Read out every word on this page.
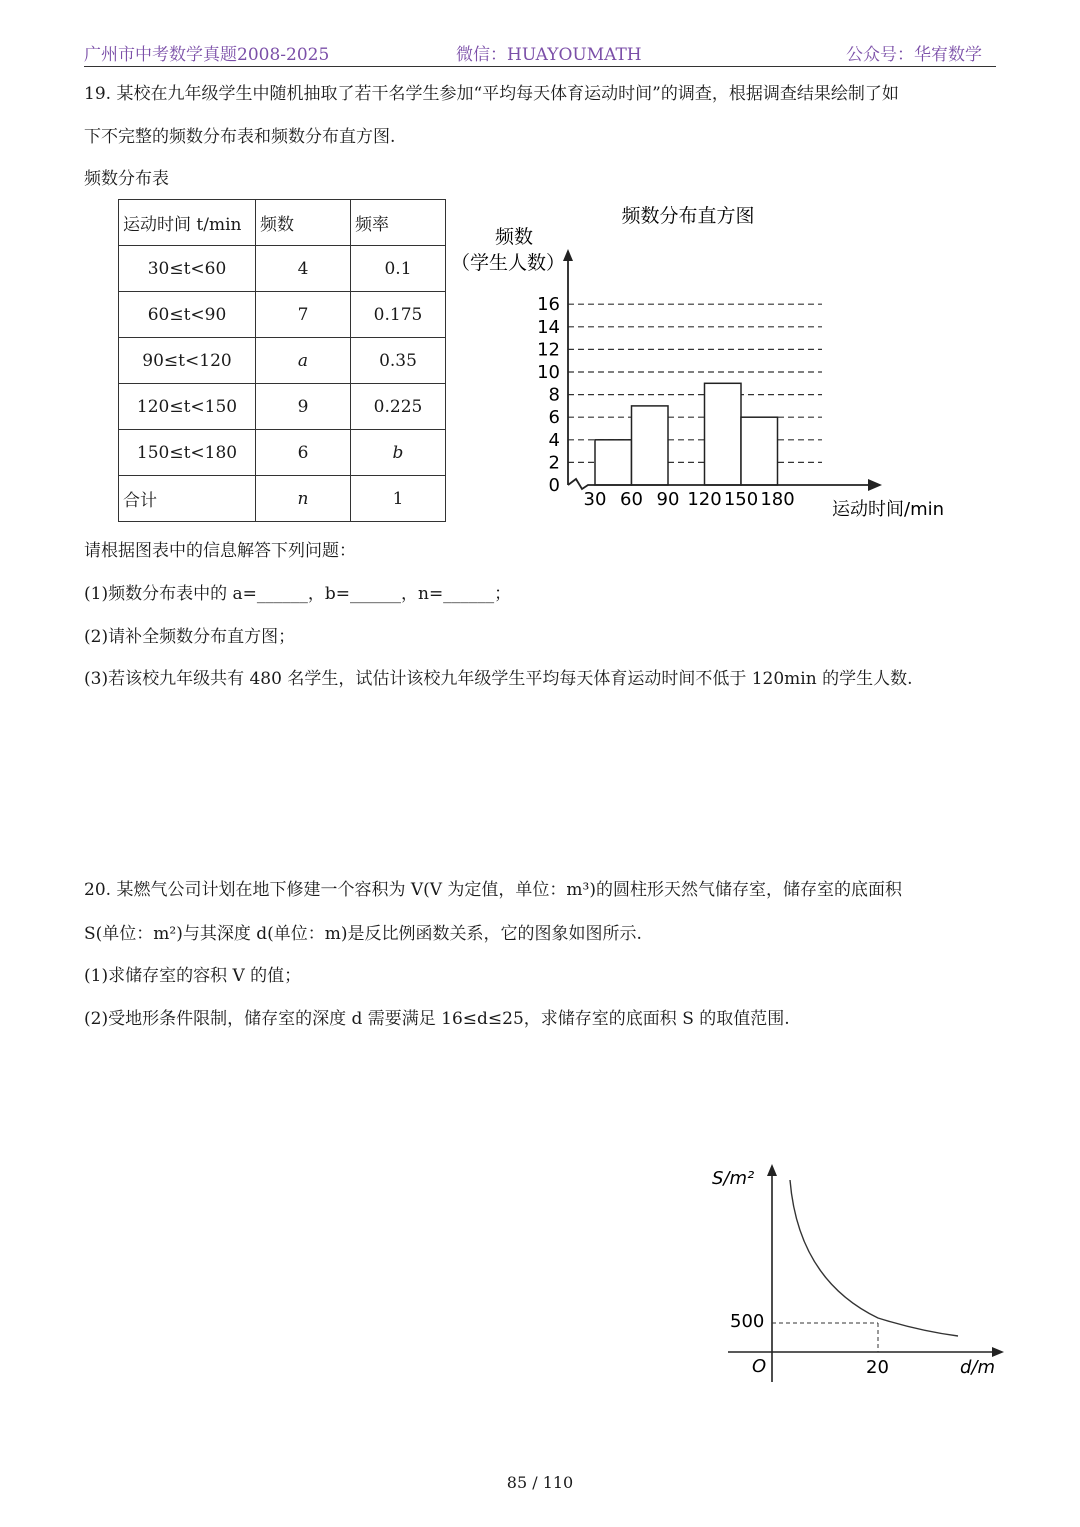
广州市中考数学真题2008-2025	微信：HUAYOUMATH	公众号：华宥数学
19. 某校在九年级学生中随机抽取了若干名学生参加“平均每天体育运动时间”的调查，根据调查结果绘制了如
下不完整的频数分布表和频数分布直方图.
频数分布表
运动时间 t/min	频数	频率
30≤t<60	4	0.1
60≤t<90	7	0.175
90≤t<120	a	0.35
120≤t<150	9	0.225
150≤t<180	6	b
合计	n	1
频数分布直方图
频数
（学生人数）
运动时间/min
0
2
4
6
8
10
12
14
16
30 60 90 120 150 180
请根据图表中的信息解答下列问题：
(1)频数分布表中的 a=______，b=______，n=______；
(2)请补全频数分布直方图；
(3)若该校九年级共有 480 名学生，试估计该校九年级学生平均每天体育运动时间不低于 120min 的学生人数.
20. 某燃气公司计划在地下修建一个容积为 V(V 为定值，单位：m³)的圆柱形天然气储存室，储存室的底面积
S(单位：m²)与其深度 d(单位：m)是反比例函数关系，它的图象如图所示.
(1)求储存室的容积 V 的值；
(2)受地形条件限制，储存室的深度 d 需要满足 16≤d≤25，求储存室的底面积 S 的取值范围.
S/m²
d/m
O	20
500
85 / 110
